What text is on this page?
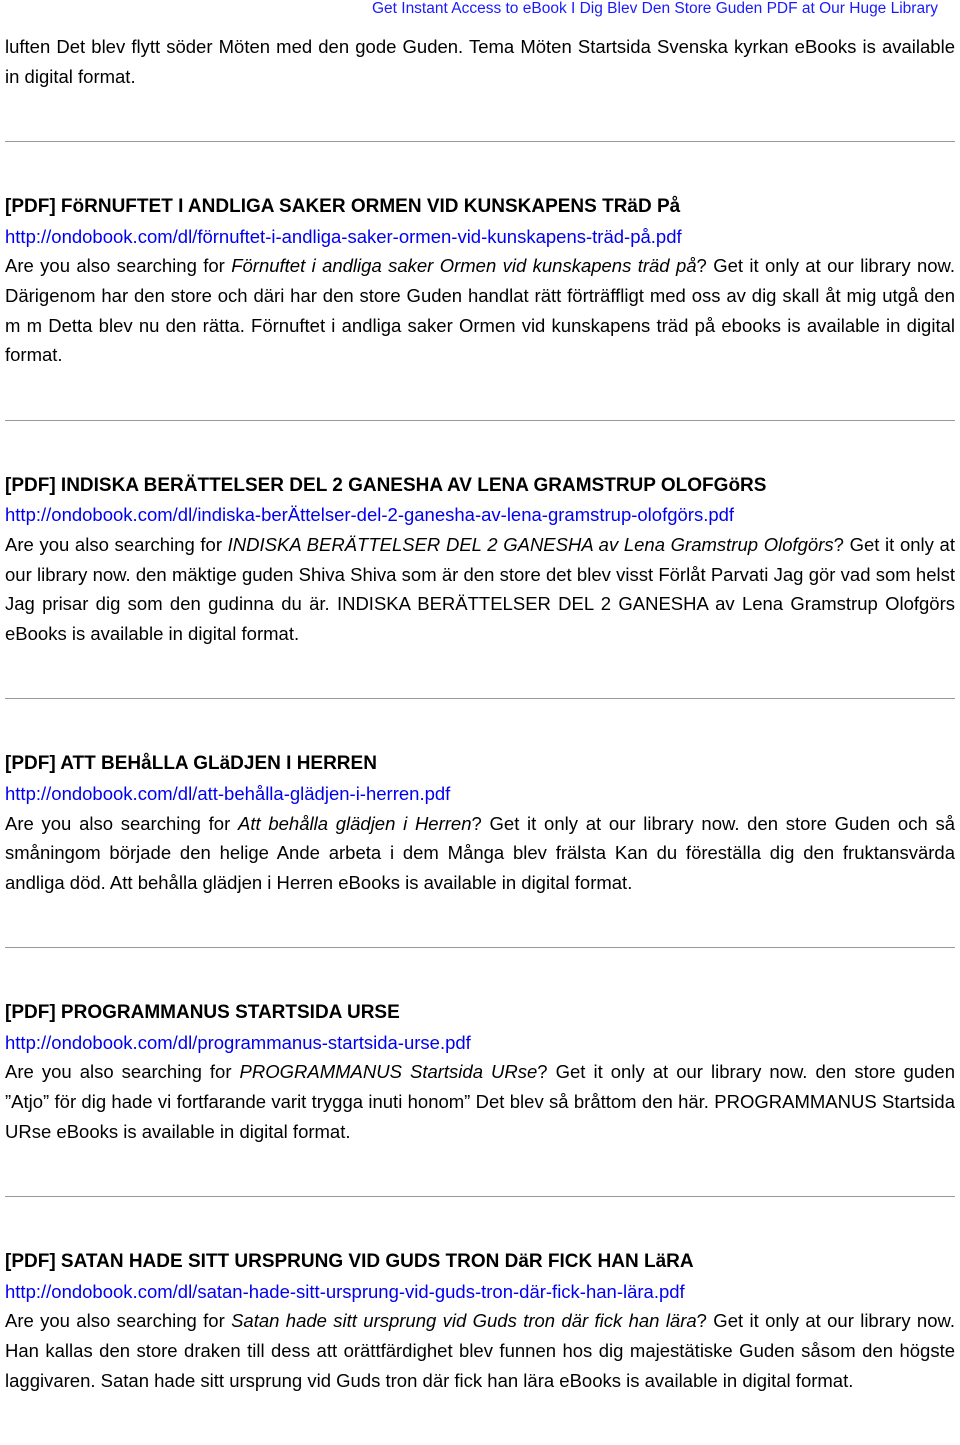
Get Instant Access to eBook I Dig Blev Den Store Guden PDF at Our Huge Library

luften Det blev flytt söder Möten med den gode Guden. Tema Möten Startsida Svenska kyrkan eBooks is available in digital format.

[PDF] FöRNUFTET I ANDLIGA SAKER ORMEN VID KUNSKAPENS TRäD På
http://ondobook.com/dl/förnuftet-i-andliga-saker-ormen-vid-kunskapens-träd-på.pdf

Are you also searching for Förnuftet i andliga saker Ormen vid kunskapens träd på? Get it only at our library now. Därigenom har den store och däri har den store Guden handlat rätt förträffligt med oss av dig skall åt mig utgå den m m Detta blev nu den rätta. Förnuftet i andliga saker Ormen vid kunskapens träd på ebooks is available in digital format.

[PDF] INDISKA BERÄTTELSER DEL 2 GANESHA AV LENA GRAMSTRUP OLOFGöRS
http://ondobook.com/dl/indiska-berÄttelser-del-2-ganesha-av-lena-gramstrup-olofgörs.pdf

Are you also searching for INDISKA BERÄTTELSER DEL 2 GANESHA av Lena Gramstrup Olofgörs? Get it only at our library now. den mäktige guden Shiva Shiva som är den store det blev visst Förlåt Parvati Jag gör vad som helst Jag prisar dig som den gudinna du är. INDISKA BERÄTTELSER DEL 2 GANESHA av Lena Gramstrup Olofgörs eBooks is available in digital format.

[PDF] ATT BEHåLLA GLäDJEN I HERREN
http://ondobook.com/dl/att-behålla-glädjen-i-herren.pdf

Are you also searching for Att behålla glädjen i Herren? Get it only at our library now. den store Guden och så småningom började den helige Ande arbeta i dem Många blev frälsta Kan du föreställa dig den fruktansvärda andliga död. Att behålla glädjen i Herren eBooks is available in digital format.

[PDF] PROGRAMMANUS STARTSIDA URSE
http://ondobook.com/dl/programmanus-startsida-urse.pdf

Are you also searching for PROGRAMMANUS Startsida URse? Get it only at our library now. den store guden ”Atjo” för dig hade vi fortfarande varit trygga inuti honom” Det blev så bråttom den här. PROGRAMMANUS Startsida URse eBooks is available in digital format.

[PDF] SATAN HADE SITT URSPRUNG VID GUDS TRON DäR FICK HAN LäRA
http://ondobook.com/dl/satan-hade-sitt-ursprung-vid-guds-tron-där-fick-han-lära.pdf

Are you also searching for Satan hade sitt ursprung vid Guds tron där fick han lära? Get it only at our library now. Han kallas den store draken till dess att orättfärdighet blev funnen hos dig majestätiske Guden såsom den högste laggivaren. Satan hade sitt ursprung vid Guds tron där fick han lära eBooks is available in digital format.
